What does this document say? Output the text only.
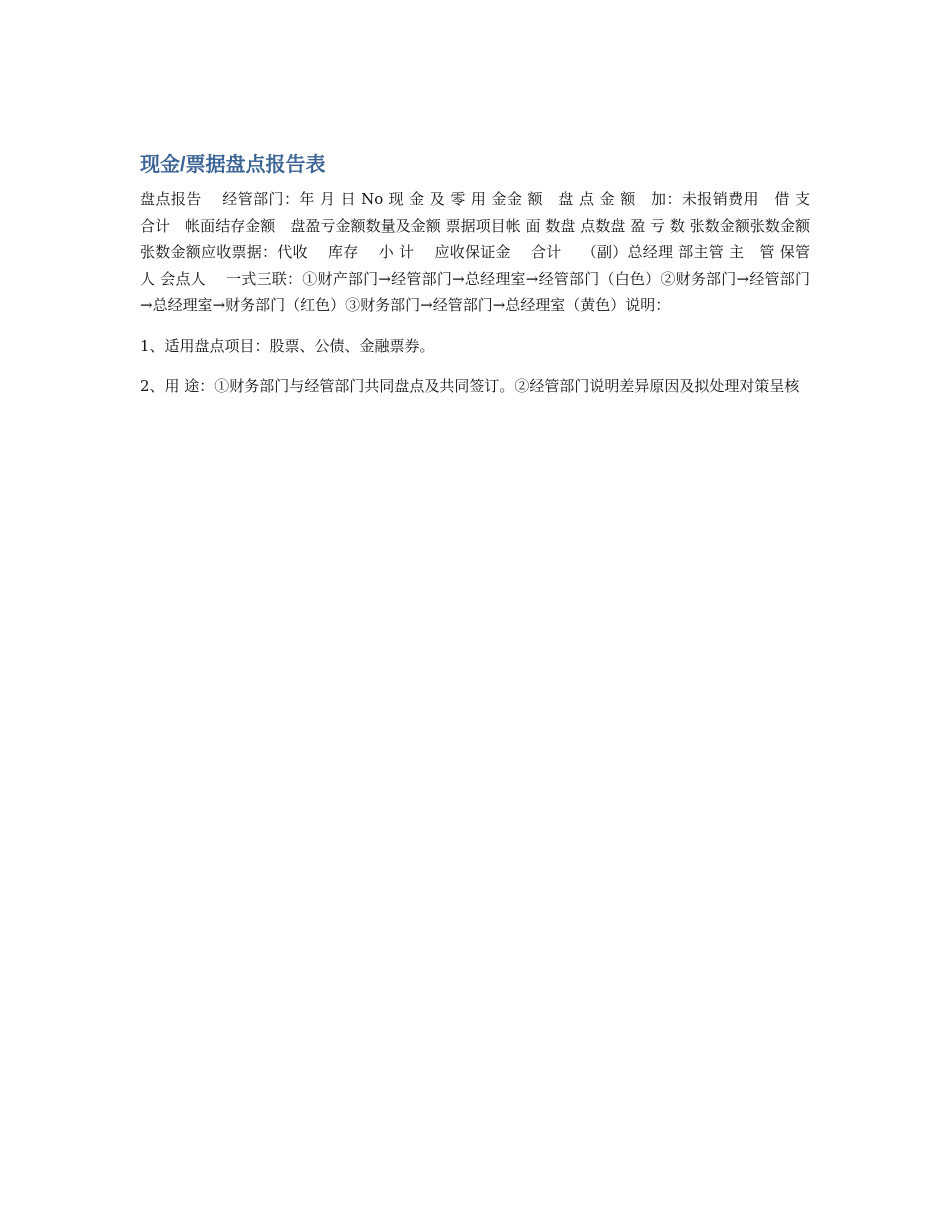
现金/票据盘点报告表

盘点报告　 经管部门：年 月 日 No 现 金 及 零 用 金金 额　盘 点 金 额　加：未报销费用　借 支　合计　帐面结存金额　盘盈亏金额数量及金额 票据项目帐 面 数盘 点数盘 盈 亏 数 张数金额张数金额张数金额应收票据：代收　 库存　 小 计　 应收保证金　 合计　 （副）总经理 部主管 主　管 保管人 会点人　 一式三联：①财产部门→经管部门→总经理室→经管部门（白色）②财务部门→经管部门→总经理室→财务部门（红色）③财务部门→经管部门→总经理室（黄色）说明：

1、适用盘点项目：股票、公债、金融票券。

2、用 途：①财务部门与经管部门共同盘点及共同签订。②经管部门说明差异原因及拟处理对策呈核
